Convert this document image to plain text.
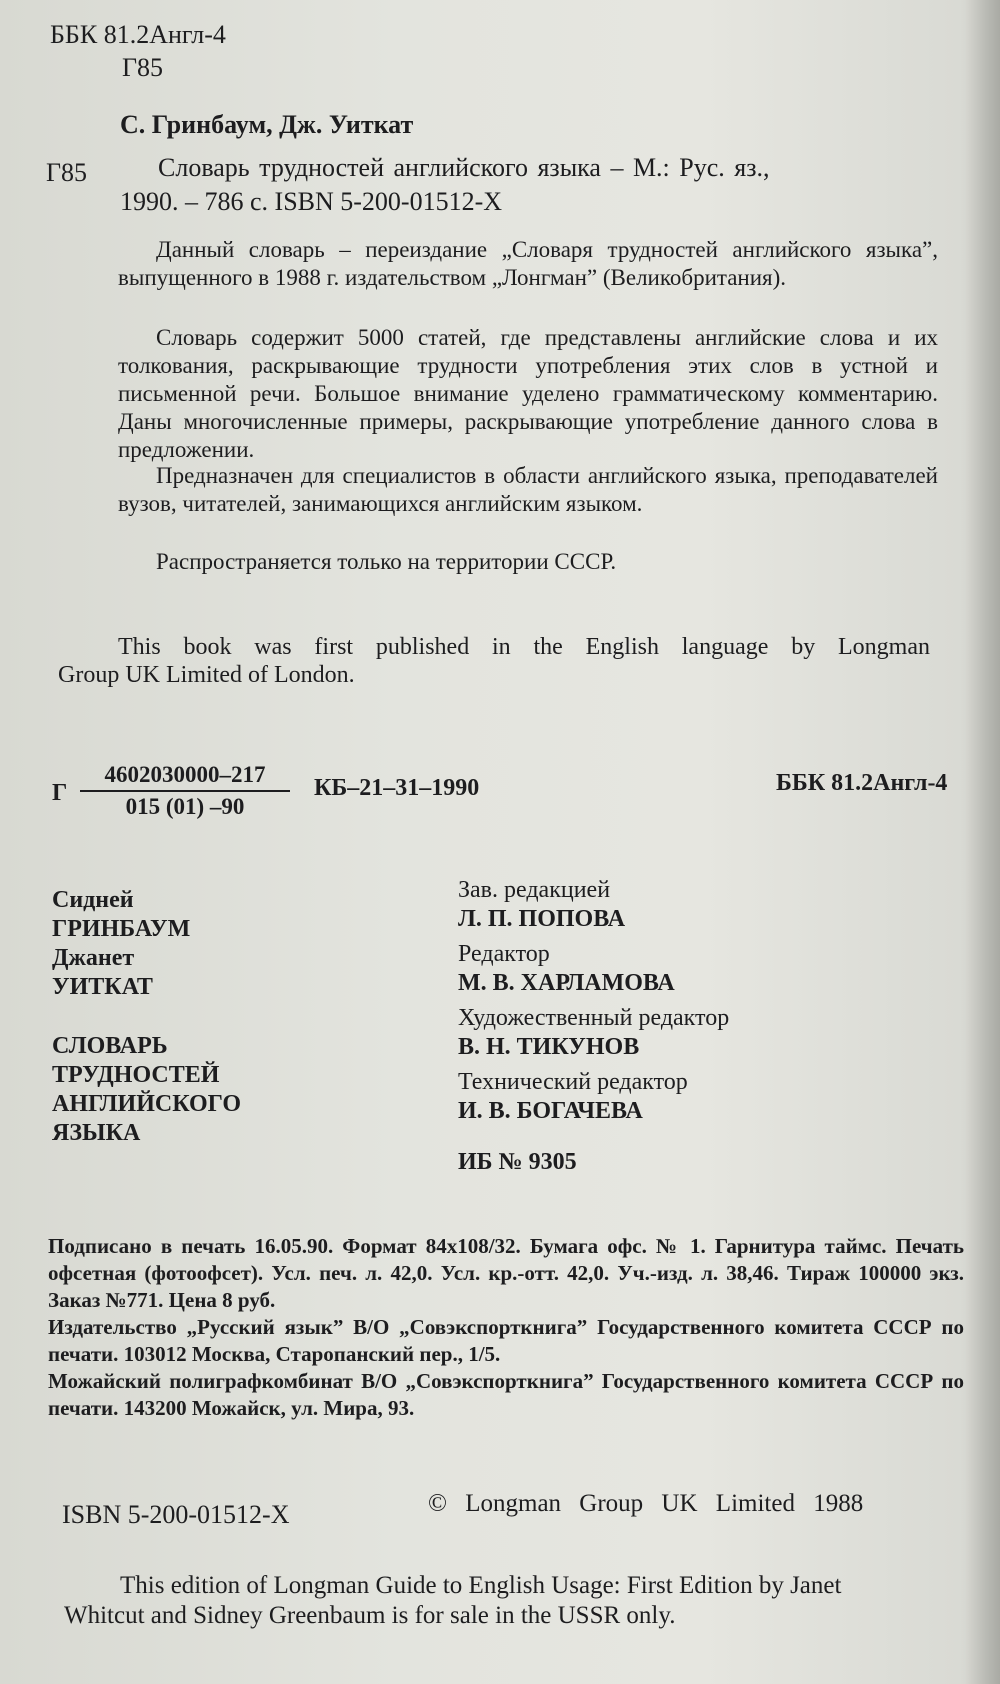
ББК 81.2Англ-4
Г85
С. Гринбаум, Дж. Уиткат
Г85	Словарь трудностей английского языка – М.: Рус. яз.,
1990. – 786 с. ISBN 5-200-01512-X
Данный словарь – переиздание „Словаря трудностей английского языка”, выпущенного в 1988 г. издательством „Лонгман” (Великобритания).
Словарь содержит 5000 статей, где представлены английские слова и их толкования, раскрывающие трудности употребления этих слов в устной и письменной речи. Большое внимание уделено грамматическому комментарию. Даны многочисленные примеры, раскрывающие употребление данного слова в предложении.
Предназначен для специалистов в области английского языка, преподавателей вузов, читателей, занимающихся английским языком.
Распространяется только на территории СССР.
This book was first published in the English language by Longman
Group UK Limited of London.
Г $\frac{4602030000-217}{015 (01) -90} КБ-21-31-1990$	ББК 81.2Англ-4
Сидней
ГРИНБАУМ
Джанет
УИТКАТ
СЛОВАРЬ
ТРУДНОСТЕЙ
АНГЛИЙСКОГО
ЯЗЫКА
Зав. редакцией
Л. П. ПОПОВА
Редактор
М. В. ХАРЛАМОВА
Художественный редактор
В. Н. ТИКУНОВ
Технический редактор
И. В. БОГАЧЕВА
ИБ № 9305
Подписано в печать 16.05.90. Формат 84х108/32. Бумага офс. № 1. Гарнитура таймс. Печать офсетная (фотоофсет). Усл. печ. л. 42,0. Усл. кр.-отт. 42,0. Уч.-изд. л. 38,46. Тираж 100000 экз. Заказ №771. Цена 8 руб.
Издательство „Русский язык” В/О „Совэкспорткнига” Государственного комитета СССР по печати. 103012 Москва, Старопанский пер., 1/5.
Можайский полиграфкомбинат В/О „Совэкспорткнига” Государственного комитета СССР по печати. 143200 Можайск, ул. Мира, 93.
ISBN 5-200-01512-X	© Longman Group UK Limited 1988
This edition of Longman Guide to English Usage: First Edition by Janet
Whitcut and Sidney Greenbaum is for sale in the USSR only.
